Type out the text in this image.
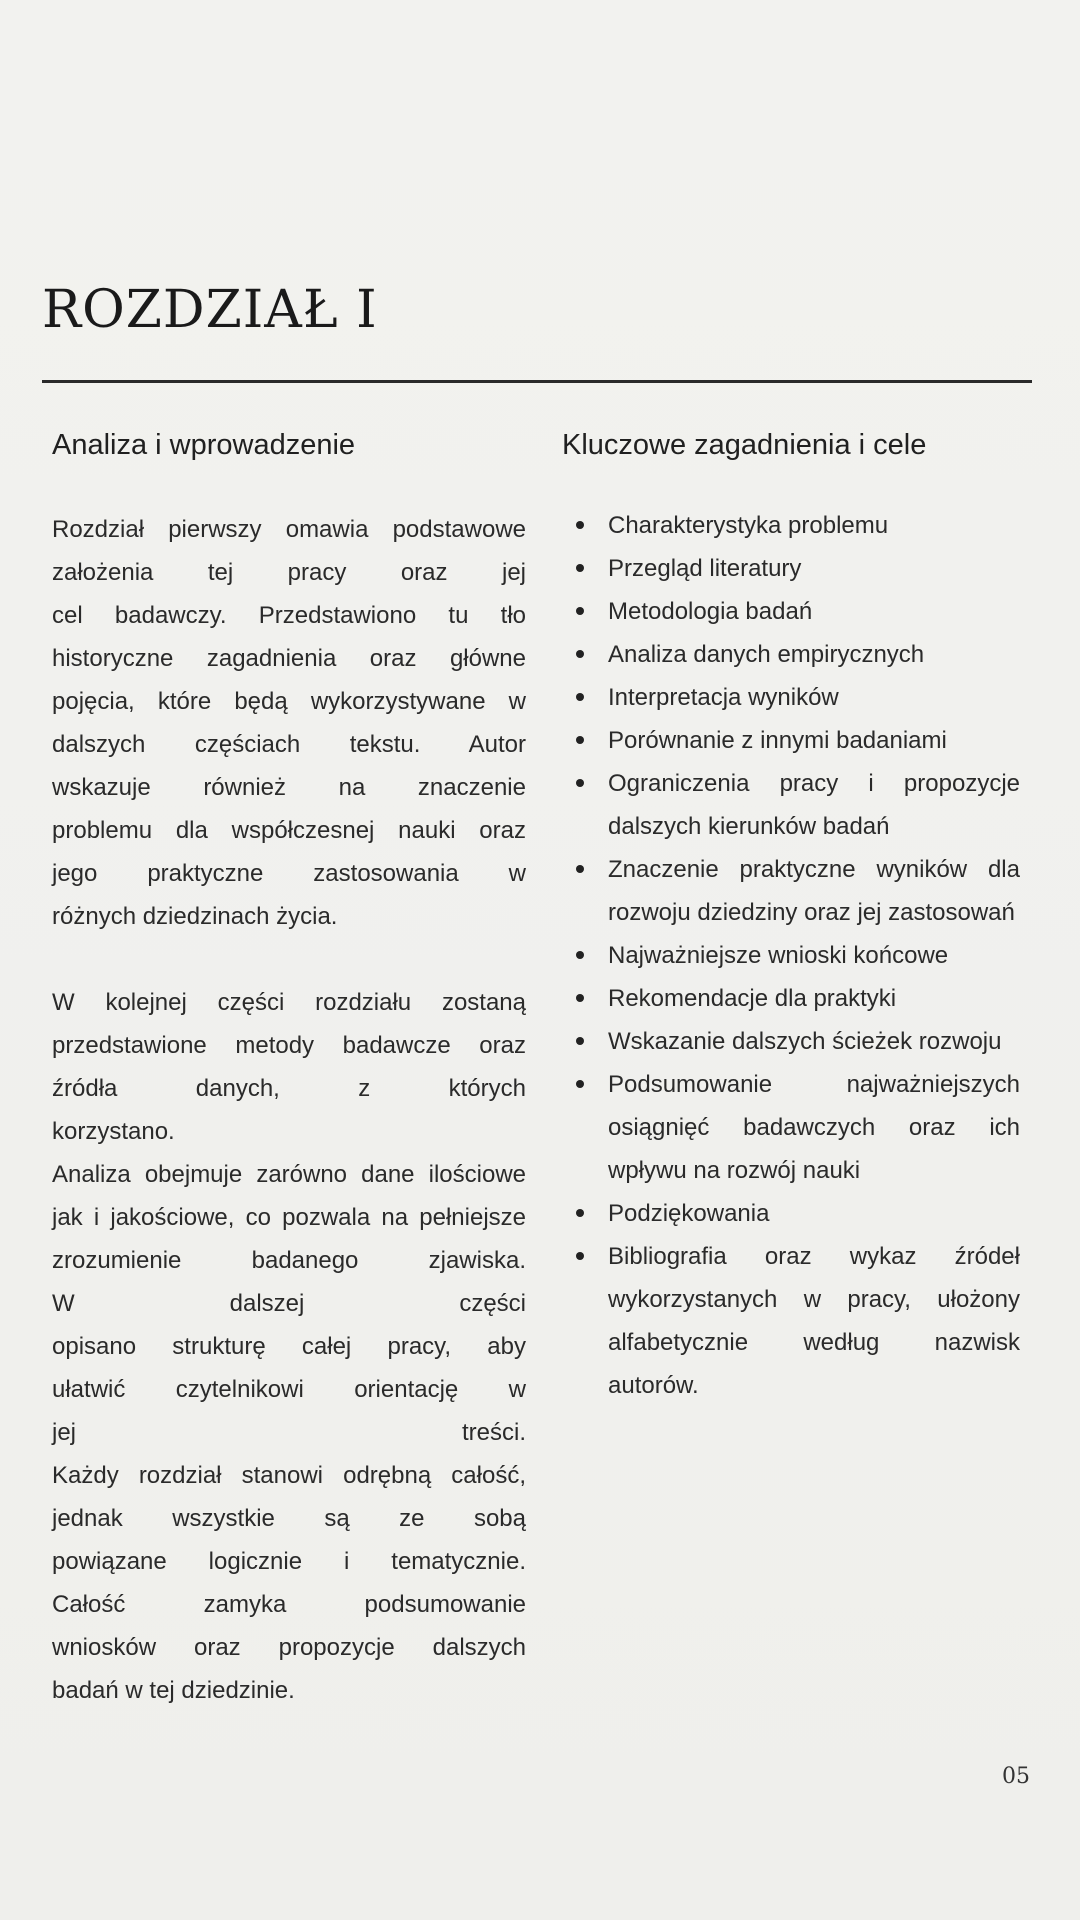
ROZDZIAŁ I
Analiza i wprowadzenie

Rozdział pierwszy omawia podstawowe założenia tej pracy oraz jej
cel badawczy. Przedstawiono tu tło
historyczne zagadnienia oraz główne
pojęcia, które będą wykorzystywane w
dalszych częściach tekstu. Autor
wskazuje również na znaczenie
problemu dla współczesnej nauki oraz
jego praktyczne zastosowania w
różnych dziedzinach życia.

W kolejnej części rozdziału zostaną
przedstawione metody badawcze oraz
źródła danych, z których
korzystano.
Analiza obejmuje zarówno dane ilościowe
jak i jakościowe, co pozwala na pełniejsze
zrozumienie badanego zjawiska.
W dalszej części
opisano strukturę całej pracy, aby
ułatwić czytelnikowi orientację w
jej treści.
Każdy rozdział stanowi odrębną całość,
jednak wszystkie są ze sobą
powiązane logicznie i tematycznie.
Całość zamyka podsumowanie
wniosków oraz propozycje dalszych
badań w tej dziedzinie.

Kluczowe zagadnienia i cele
Charakterystyka problemu
Przegląd literatury
Metodologia badań
Analiza danych empirycznych
Interpretacja wyników
Porównanie z innymi badaniami
Ograniczenia pracy i propozycje dalszych kierunków badań
Znaczenie praktyczne wyników dla rozwoju dziedziny oraz jej zastosowań
Najważniejsze wnioski końcowe
Rekomendacje dla praktyki
Wskazanie dalszych ścieżek rozwoju
Podsumowanie najważniejszych osiągnięć badawczych oraz ich wpływu na rozwój nauki
Podziękowania
Bibliografia oraz wykaz źródeł wykorzystanych w pracy, ułożony alfabetycznie według nazwisk autorów.
05
